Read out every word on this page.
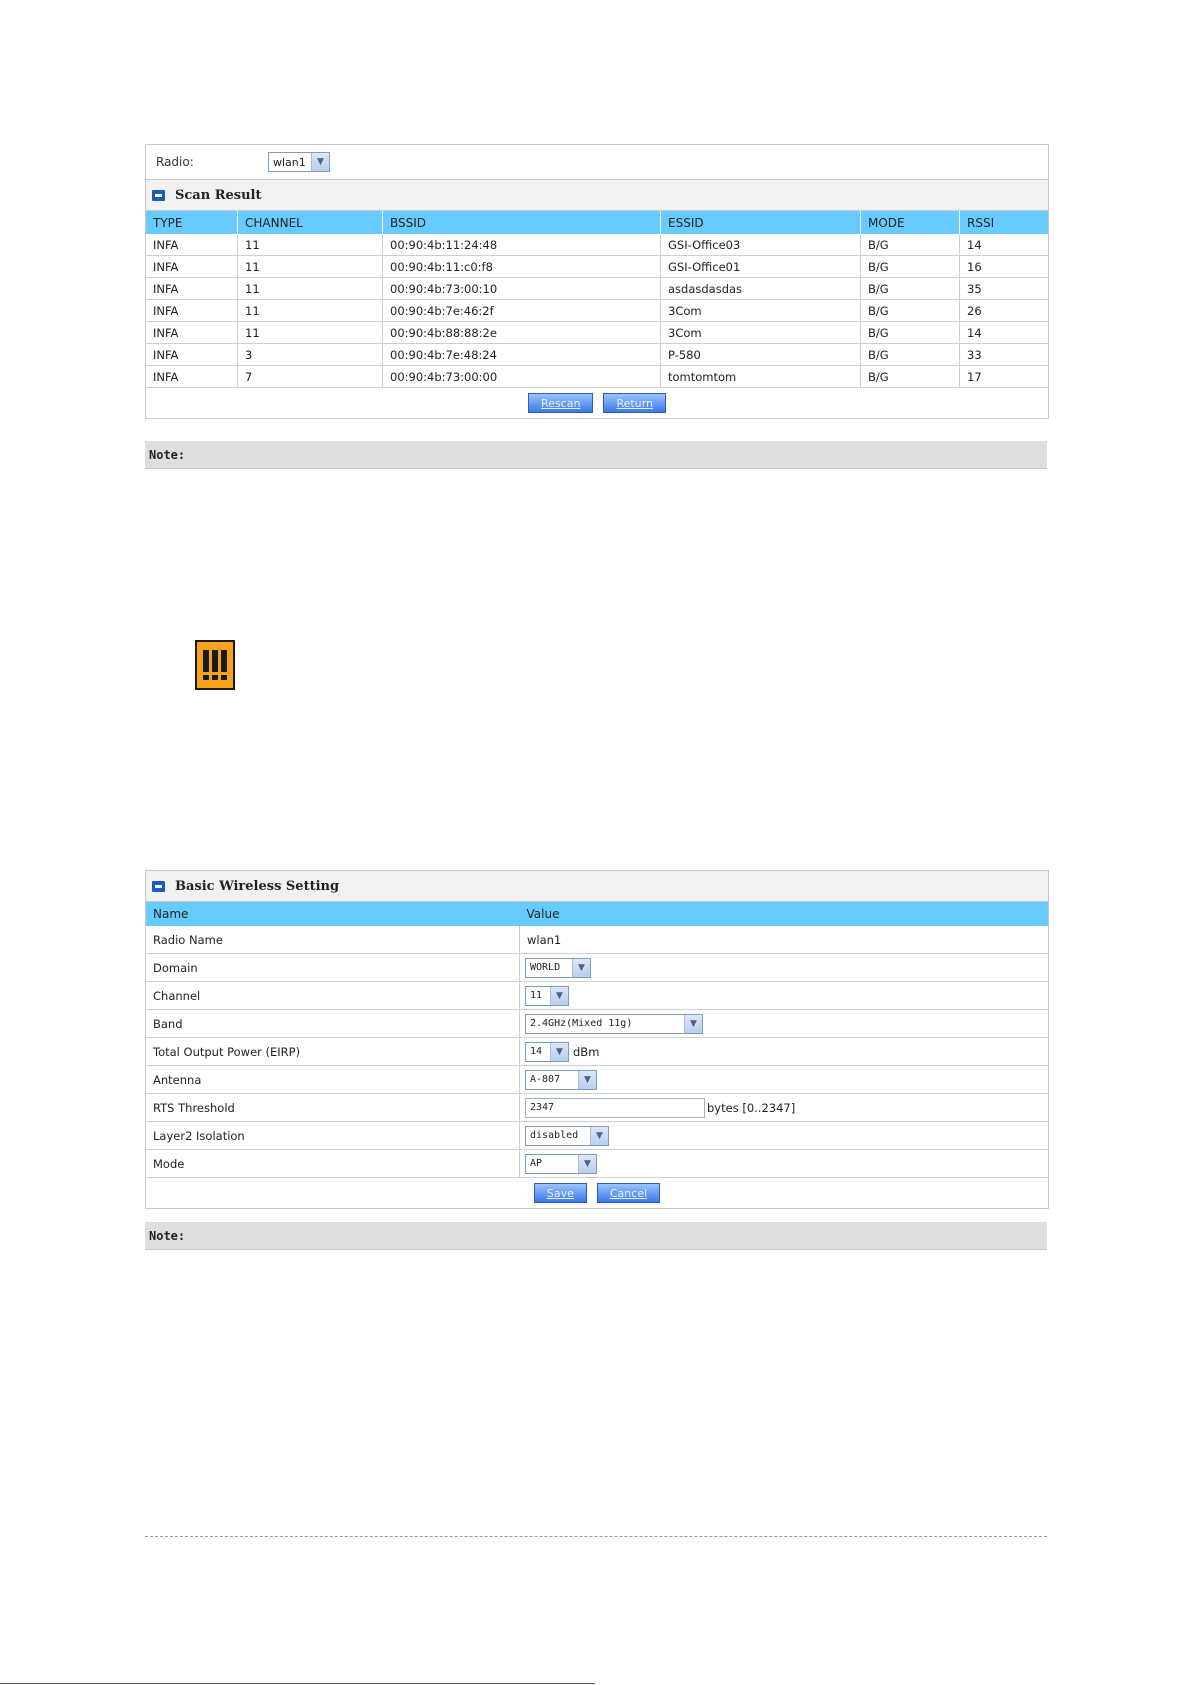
Radio:	wlan1	▼
Scan Result
TYPE	CHANNEL	BSSID	ESSID	MODE	RSSI
INFA	11	00:90:4b:11:24:48	GSI-Office03	B/G	14
INFA	11	00:90:4b:11:c0:f8	GSI-Office01	B/G	16
INFA	11	00:90:4b:73:00:10	asdasdasdas	B/G	35
INFA	11	00:90:4b:7e:46:2f	3Com	B/G	26
INFA	11	00:90:4b:88:88:2e	3Com	B/G	14
INFA	3	00:90:4b:7e:48:24	P-580	B/G	33
INFA	7	00:90:4b:73:00:00	tomtomtom	B/G	17
Rescan	Return
Note:
Basic Wireless Setting
Name	Value
Radio Name	wlan1
Domain	WORLD ▼

Channel	11 ▼

Band	2.4GHz(Mixed 11g) ▼

Total Output Power (EIRP)	14 ▼ dBm

Antenna	A-807 ▼

RTS Threshold	2347 bytes [0..2347]

Layer2 Isolation	disabled ▼

Mode	AP ▼
Save	Cancel
Note:
